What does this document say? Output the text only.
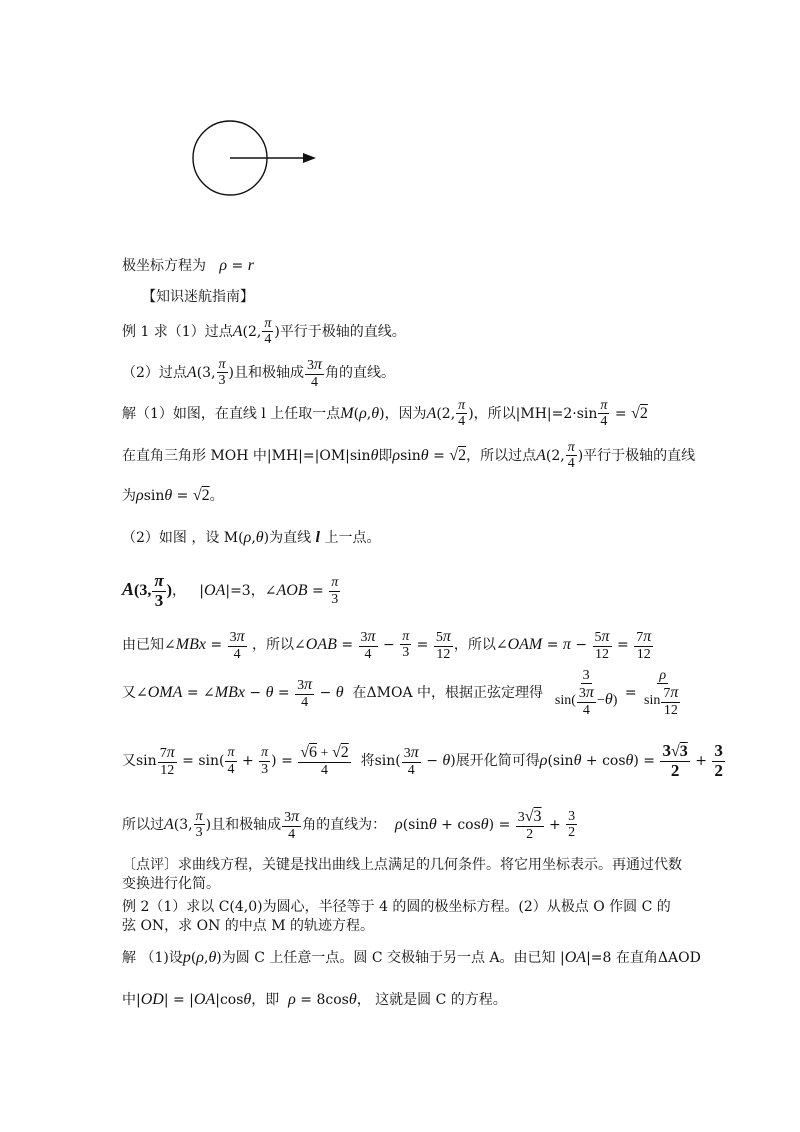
极坐标方程为 ρ = r
【知识迷航指南】
例 1 求（1）过点A(2, $\frac{\pi}{4}$ )平行于极轴的直线。
（2）过点A(3, $\frac{\pi}{3}$ )且和极轴成 $\frac{3\pi}{4}$ 角的直线。
解（1）如图，在直线 l 上任取一点M(ρ,θ)，因为A(2, $\frac{\pi}{4}$ )，所以$|MH|=2\cdot\sin \frac{\pi}{4} = √2$
在直角三角形 MOH 中|MH|=|OM|sinθ即ρsinθ = √2，所以过点A(2, $\frac{\pi}{4}$ )平行于极轴的直线
为ρsinθ = √2。
（2）如图 ，设 M(ρ,θ)为直线 l 上一点。
A(3, $\frac{\pi}{3}$ )，   |OA|=3，∠AOB = $\frac{\pi}{3}$
由已知∠MBx = $\frac{3\pi}{4}$ ，所以∠OAB = $\frac{3\pi}{4} - \frac{\pi}{3} = \frac{5\pi}{12}$ ，所以∠OAM = $\pi - \frac{5\pi}{12} = \frac{7\pi}{12}$
又∠OMA = ∠MBx − $\theta = \frac{3\pi}{4} - \theta$ 在ΔMOA 中，根据正弦定理得 $\frac{3}{\sin( \frac{3\pi}{4} -\theta)} = \frac{\rho}{\sin \frac{7\pi}{12}}$
又$\sin \frac{7\pi}{12} = \sin( \frac{\pi}{4} + \frac{\pi}{3}$ ) = $\frac{√6 + √2}{4}$ 将$\sin( \frac{3\pi}{4} - \theta)$展开化简可得$\rho(\sin\theta + \cos\theta) = \frac{3√3}{2} + \frac{3}{2}$
所以过A(3, $\frac{\pi}{3}$ )且和极轴成 $\frac{3\pi}{4}$ 角的直线为： $\rho(\sin\theta + \cos\theta) = \frac{3√3}{2} + \frac{3}{2}$
〔点评〕求曲线方程，关键是找出曲线上点满足的几何条件。将它用坐标表示。再通过代数变换进行化简。
例 2（1）求以 C(4,0)为圆心，半径等于 4 的圆的极坐标方程。(2）从极点 O 作圆 C 的弦 ON，求 ON 的中点 M 的轨迹方程。
解 （1)设p(ρ,θ)为圆 C 上任意一点。圆 C 交极轴于另一点 A。由已知 |OA|=8 在直角ΔAOD
中|OD| = |OA|cosθ，即 ρ = 8cosθ， 这就是圆 C 的方程。
